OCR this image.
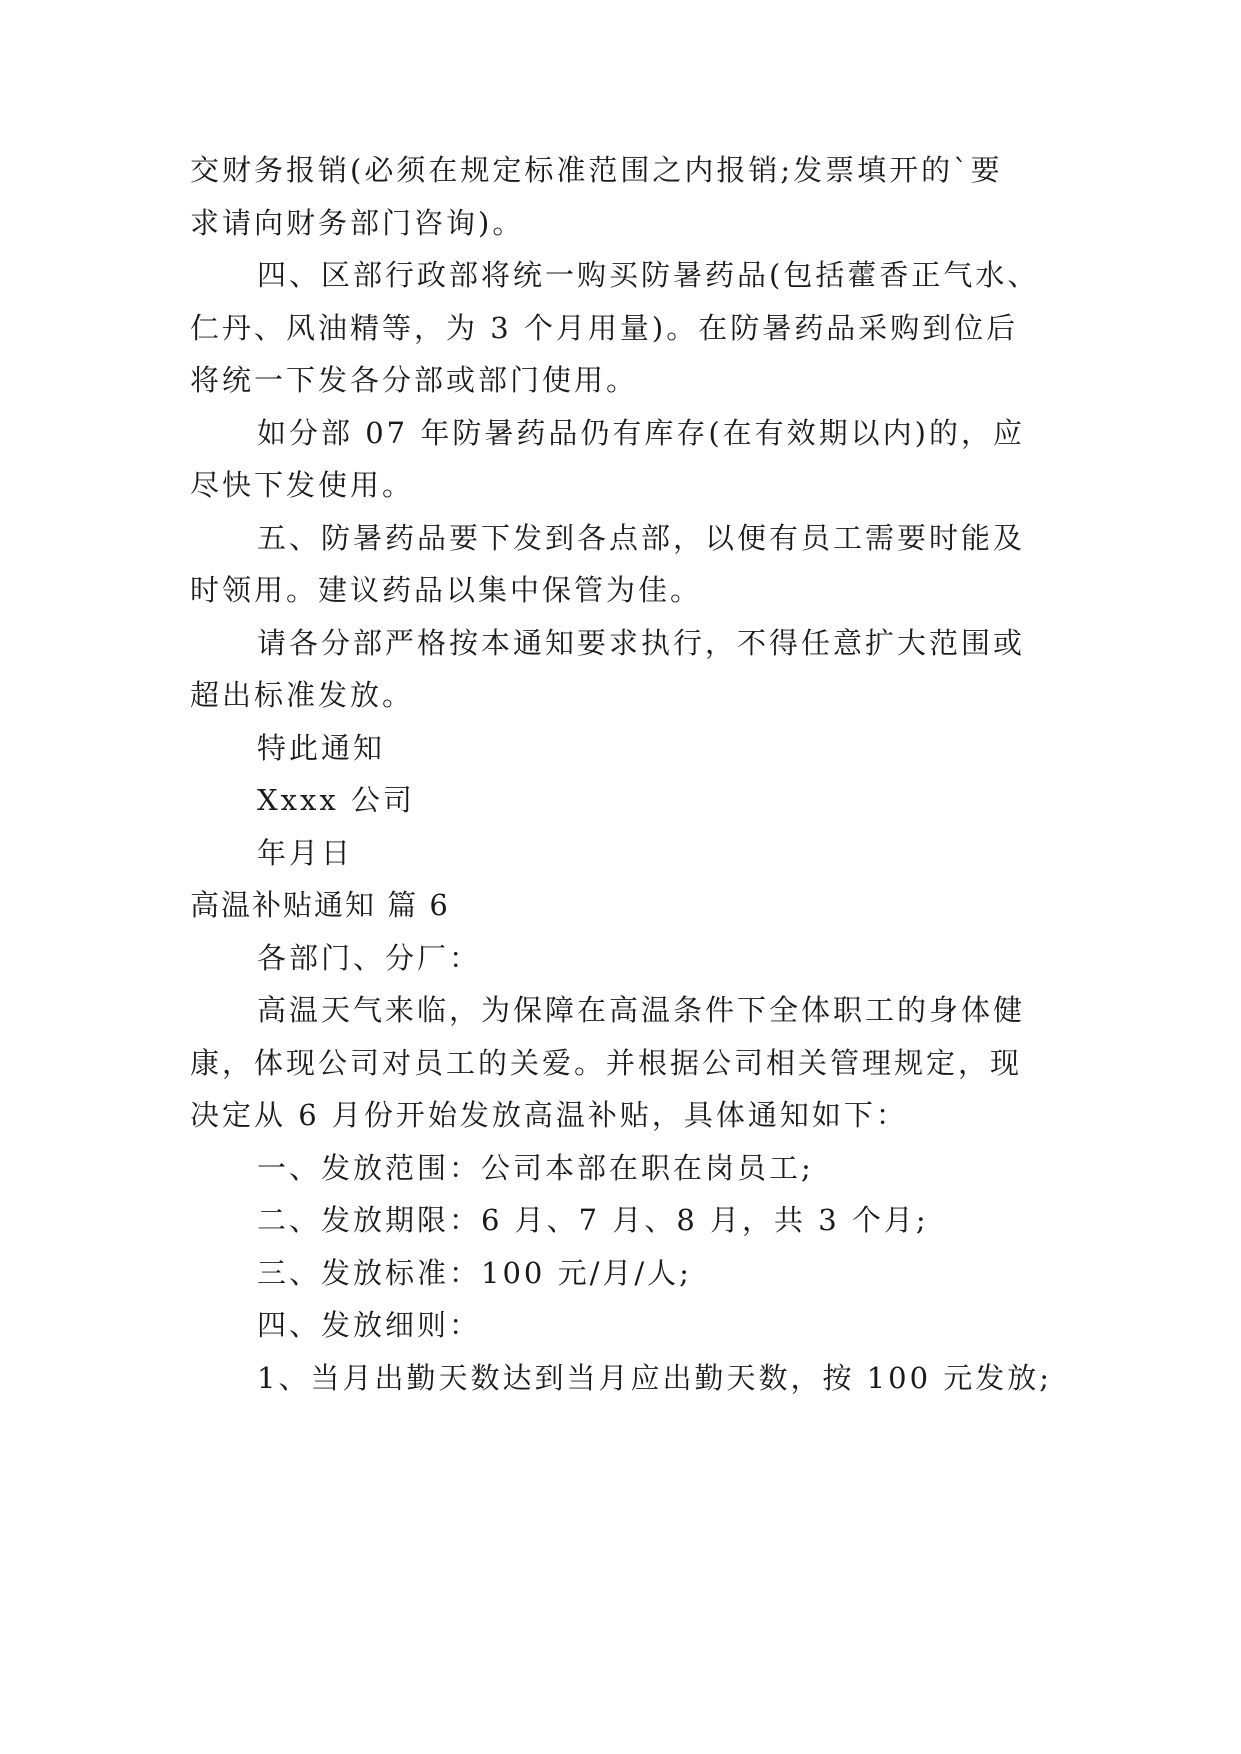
交财务报销(必须在规定标准范围之内报销;发票填开的`要
求请向财务部门咨询)。
四、区部行政部将统一购买防暑药品(包括藿香正气水、
仁丹、风油精等，为 3 个月用量)。在防暑药品采购到位后
将统一下发各分部或部门使用。
如分部 07 年防暑药品仍有库存(在有效期以内)的，应
尽快下发使用。
五、防暑药品要下发到各点部，以便有员工需要时能及
时领用。建议药品以集中保管为佳。
请各分部严格按本通知要求执行，不得任意扩大范围或
超出标准发放。
特此通知
Xxxx 公司
年月日
高温补贴通知 篇 6
各部门、分厂：
高温天气来临，为保障在高温条件下全体职工的身体健
康，体现公司对员工的关爱。并根据公司相关管理规定，现
决定从 6 月份开始发放高温补贴，具体通知如下：
一、发放范围：公司本部在职在岗员工;
二、发放期限：6 月、7 月、8 月，共 3 个月;
三、发放标准：100 元/月/人;
四、发放细则：
1、当月出勤天数达到当月应出勤天数，按 100 元发放;
